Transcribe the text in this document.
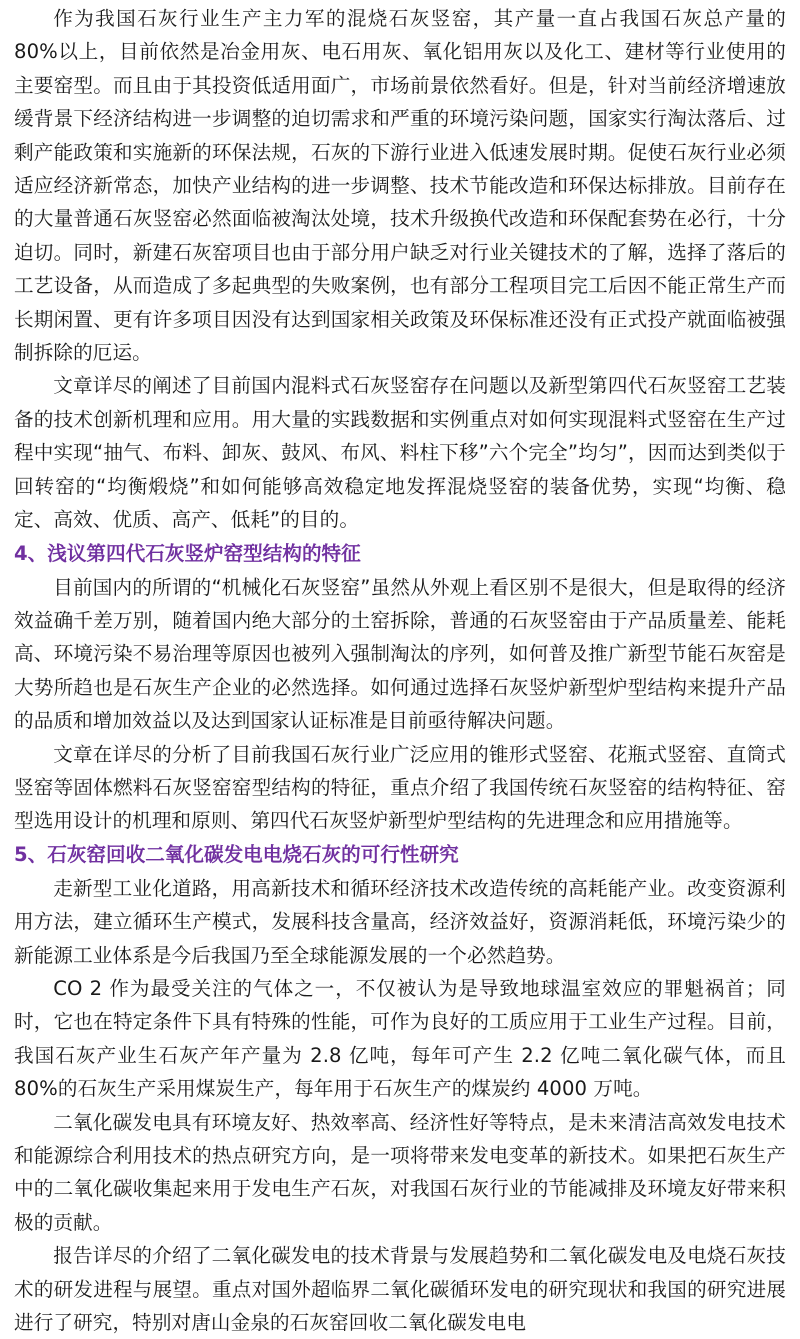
作为我国石灰行业生产主力军的混烧石灰竖窑，其产量一直占我国石灰总产量的80%以上，目前依然是冶金用灰、电石用灰、氧化铝用灰以及化工、建材等行业使用的主要窑型。而且由于其投资低适用面广，市场前景依然看好。但是，针对当前经济增速放缓背景下经济结构进一步调整的迫切需求和严重的环境污染问题，国家实行淘汰落后、过剩产能政策和实施新的环保法规，石灰的下游行业进入低速发展时期。促使石灰行业必须适应经济新常态，加快产业结构的进一步调整、技术节能改造和环保达标排放。目前存在的大量普通石灰竖窑必然面临被淘汰处境，技术升级换代改造和环保配套势在必行，十分迫切。同时，新建石灰窑项目也由于部分用户缺乏对行业关键技术的了解，选择了落后的工艺设备，从而造成了多起典型的失败案例，也有部分工程项目完工后因不能正常生产而长期闲置、更有许多项目因没有达到国家相关政策及环保标准还没有正式投产就面临被强制拆除的厄运。

文章详尽的阐述了目前国内混料式石灰竖窑存在问题以及新型第四代石灰竖窑工艺装备的技术创新机理和应用。用大量的实践数据和实例重点对如何实现混料式竖窑在生产过程中实现“抽气、布料、卸灰、鼓风、布风、料柱下移”六个完全”均匀”，因而达到类似于回转窑的“均衡煅烧”和如何能够高效稳定地发挥混烧竖窑的装备优势，实现“均衡、稳定、高效、优质、高产、低耗”的目的。

4、浅议第四代石灰竖炉窑型结构的特征

目前国内的所谓的“机械化石灰竖窑”虽然从外观上看区别不是很大，但是取得的经济效益确千差万别，随着国内绝大部分的土窑拆除，普通的石灰竖窑由于产品质量差、能耗高、环境污染不易治理等原因也被列入强制淘汰的序列，如何普及推广新型节能石灰窑是大势所趋也是石灰生产企业的必然选择。如何通过选择石灰竖炉新型炉型结构来提升产品的品质和增加效益以及达到国家认证标准是目前亟待解决问题。

文章在详尽的分析了目前我国石灰行业广泛应用的锥形式竖窑、花瓶式竖窑、直筒式竖窑等固体燃料石灰竖窑窑型结构的特征，重点介绍了我国传统石灰竖窑的结构特征、窑型选用设计的机理和原则、第四代石灰竖炉新型炉型结构的先进理念和应用措施等。

5、石灰窑回收二氧化碳发电电烧石灰的可行性研究

走新型工业化道路，用高新技术和循环经济技术改造传统的高耗能产业。改变资源利用方法，建立循环生产模式，发展科技含量高，经济效益好，资源消耗低，环境污染少的新能源工业体系是今后我国乃至全球能源发展的一个必然趋势。

CO 2 作为最受关注的气体之一，不仅被认为是导致地球温室效应的罪魁祸首；同时，它也在特定条件下具有特殊的性能，可作为良好的工质应用于工业生产过程。目前，我国石灰产业生石灰产年产量为 2.8 亿吨，每年可产生 2.2 亿吨二氧化碳气体，而且 80%的石灰生产采用煤炭生产，每年用于石灰生产的煤炭约 4000 万吨。

二氧化碳发电具有环境友好、热效率高、经济性好等特点，是未来清洁高效发电技术和能源综合利用技术的热点研究方向，是一项将带来发电变革的新技术。如果把石灰生产中的二氧化碳收集起来用于发电生产石灰，对我国石灰行业的节能减排及环境友好带来积极的贡献。

报告详尽的介绍了二氧化碳发电的技术背景与发展趋势和二氧化碳发电及电烧石灰技术的研发进程与展望。重点对国外超临界二氧化碳循环发电的研究现状和我国的研究进展进行了研究，特别对唐山金泉的石灰窑回收二氧化碳发电电
